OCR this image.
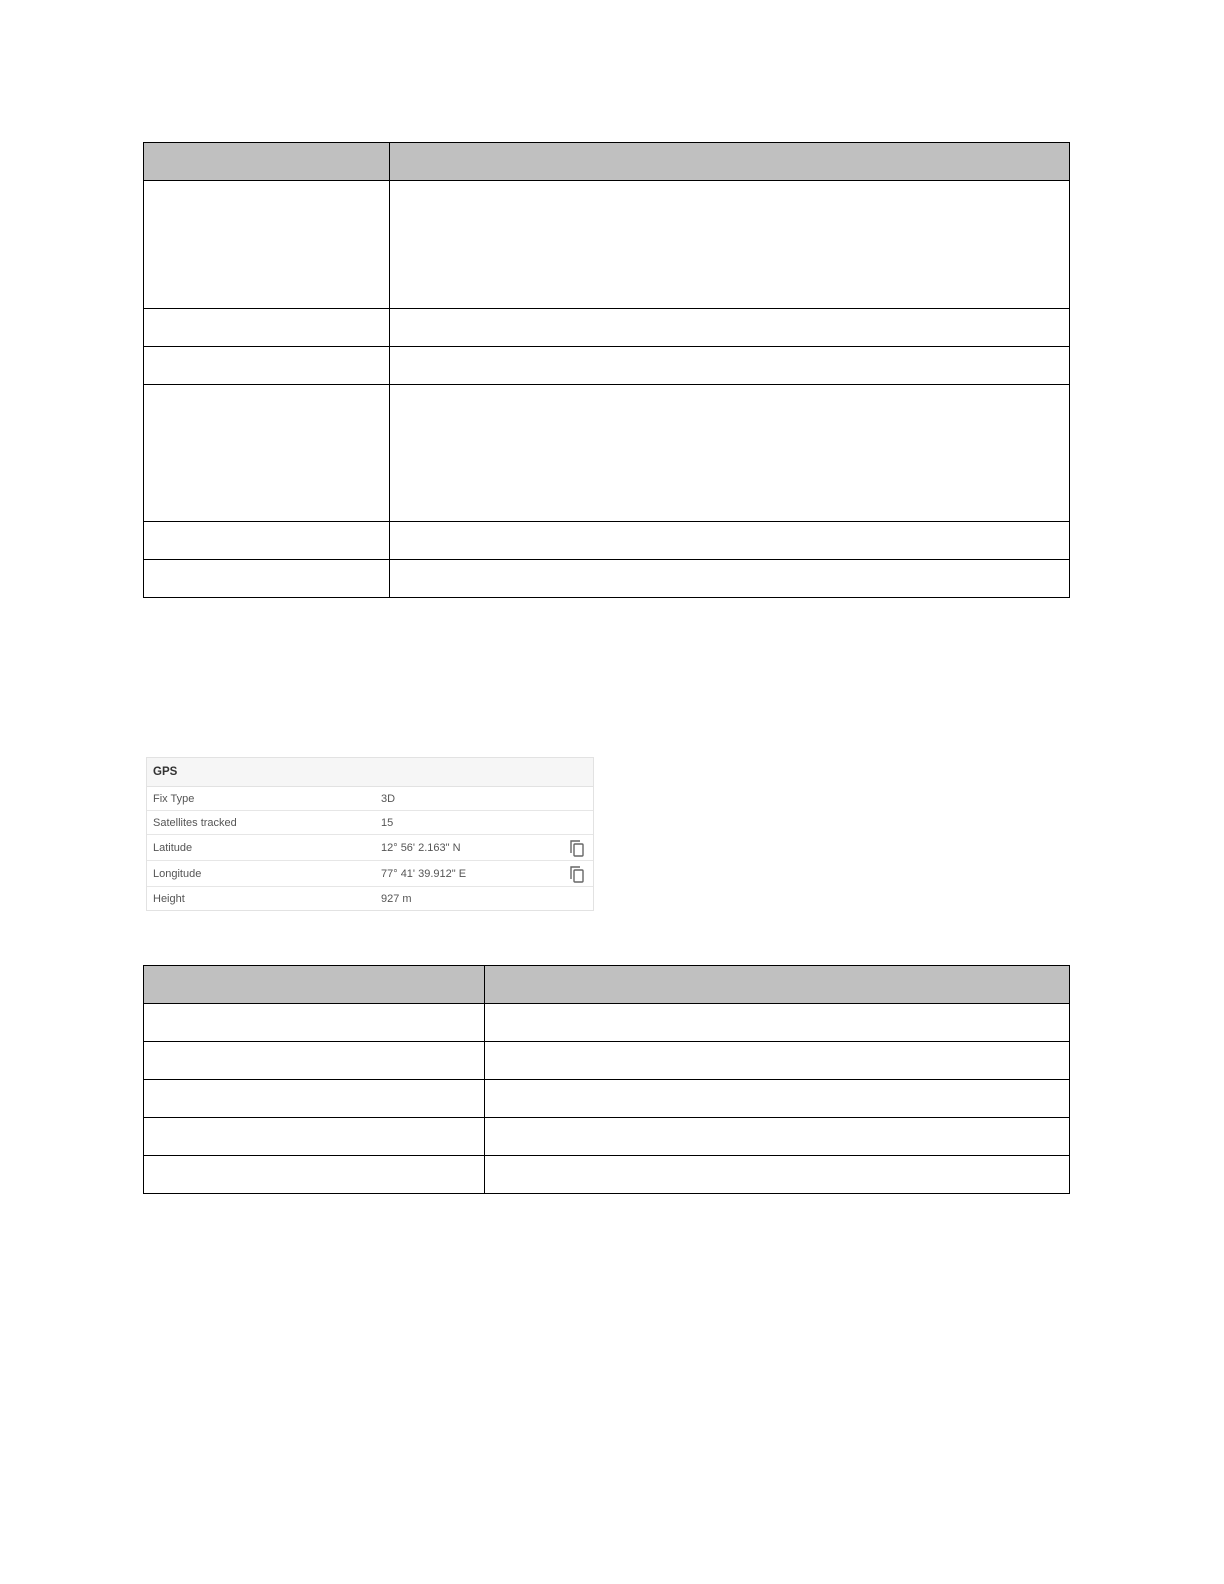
GPS
Fix Type	3D
Satellites tracked	15
Latitude	12° 56' 2.163" N
Longitude	77° 41' 39.912" E
Height	927 m
